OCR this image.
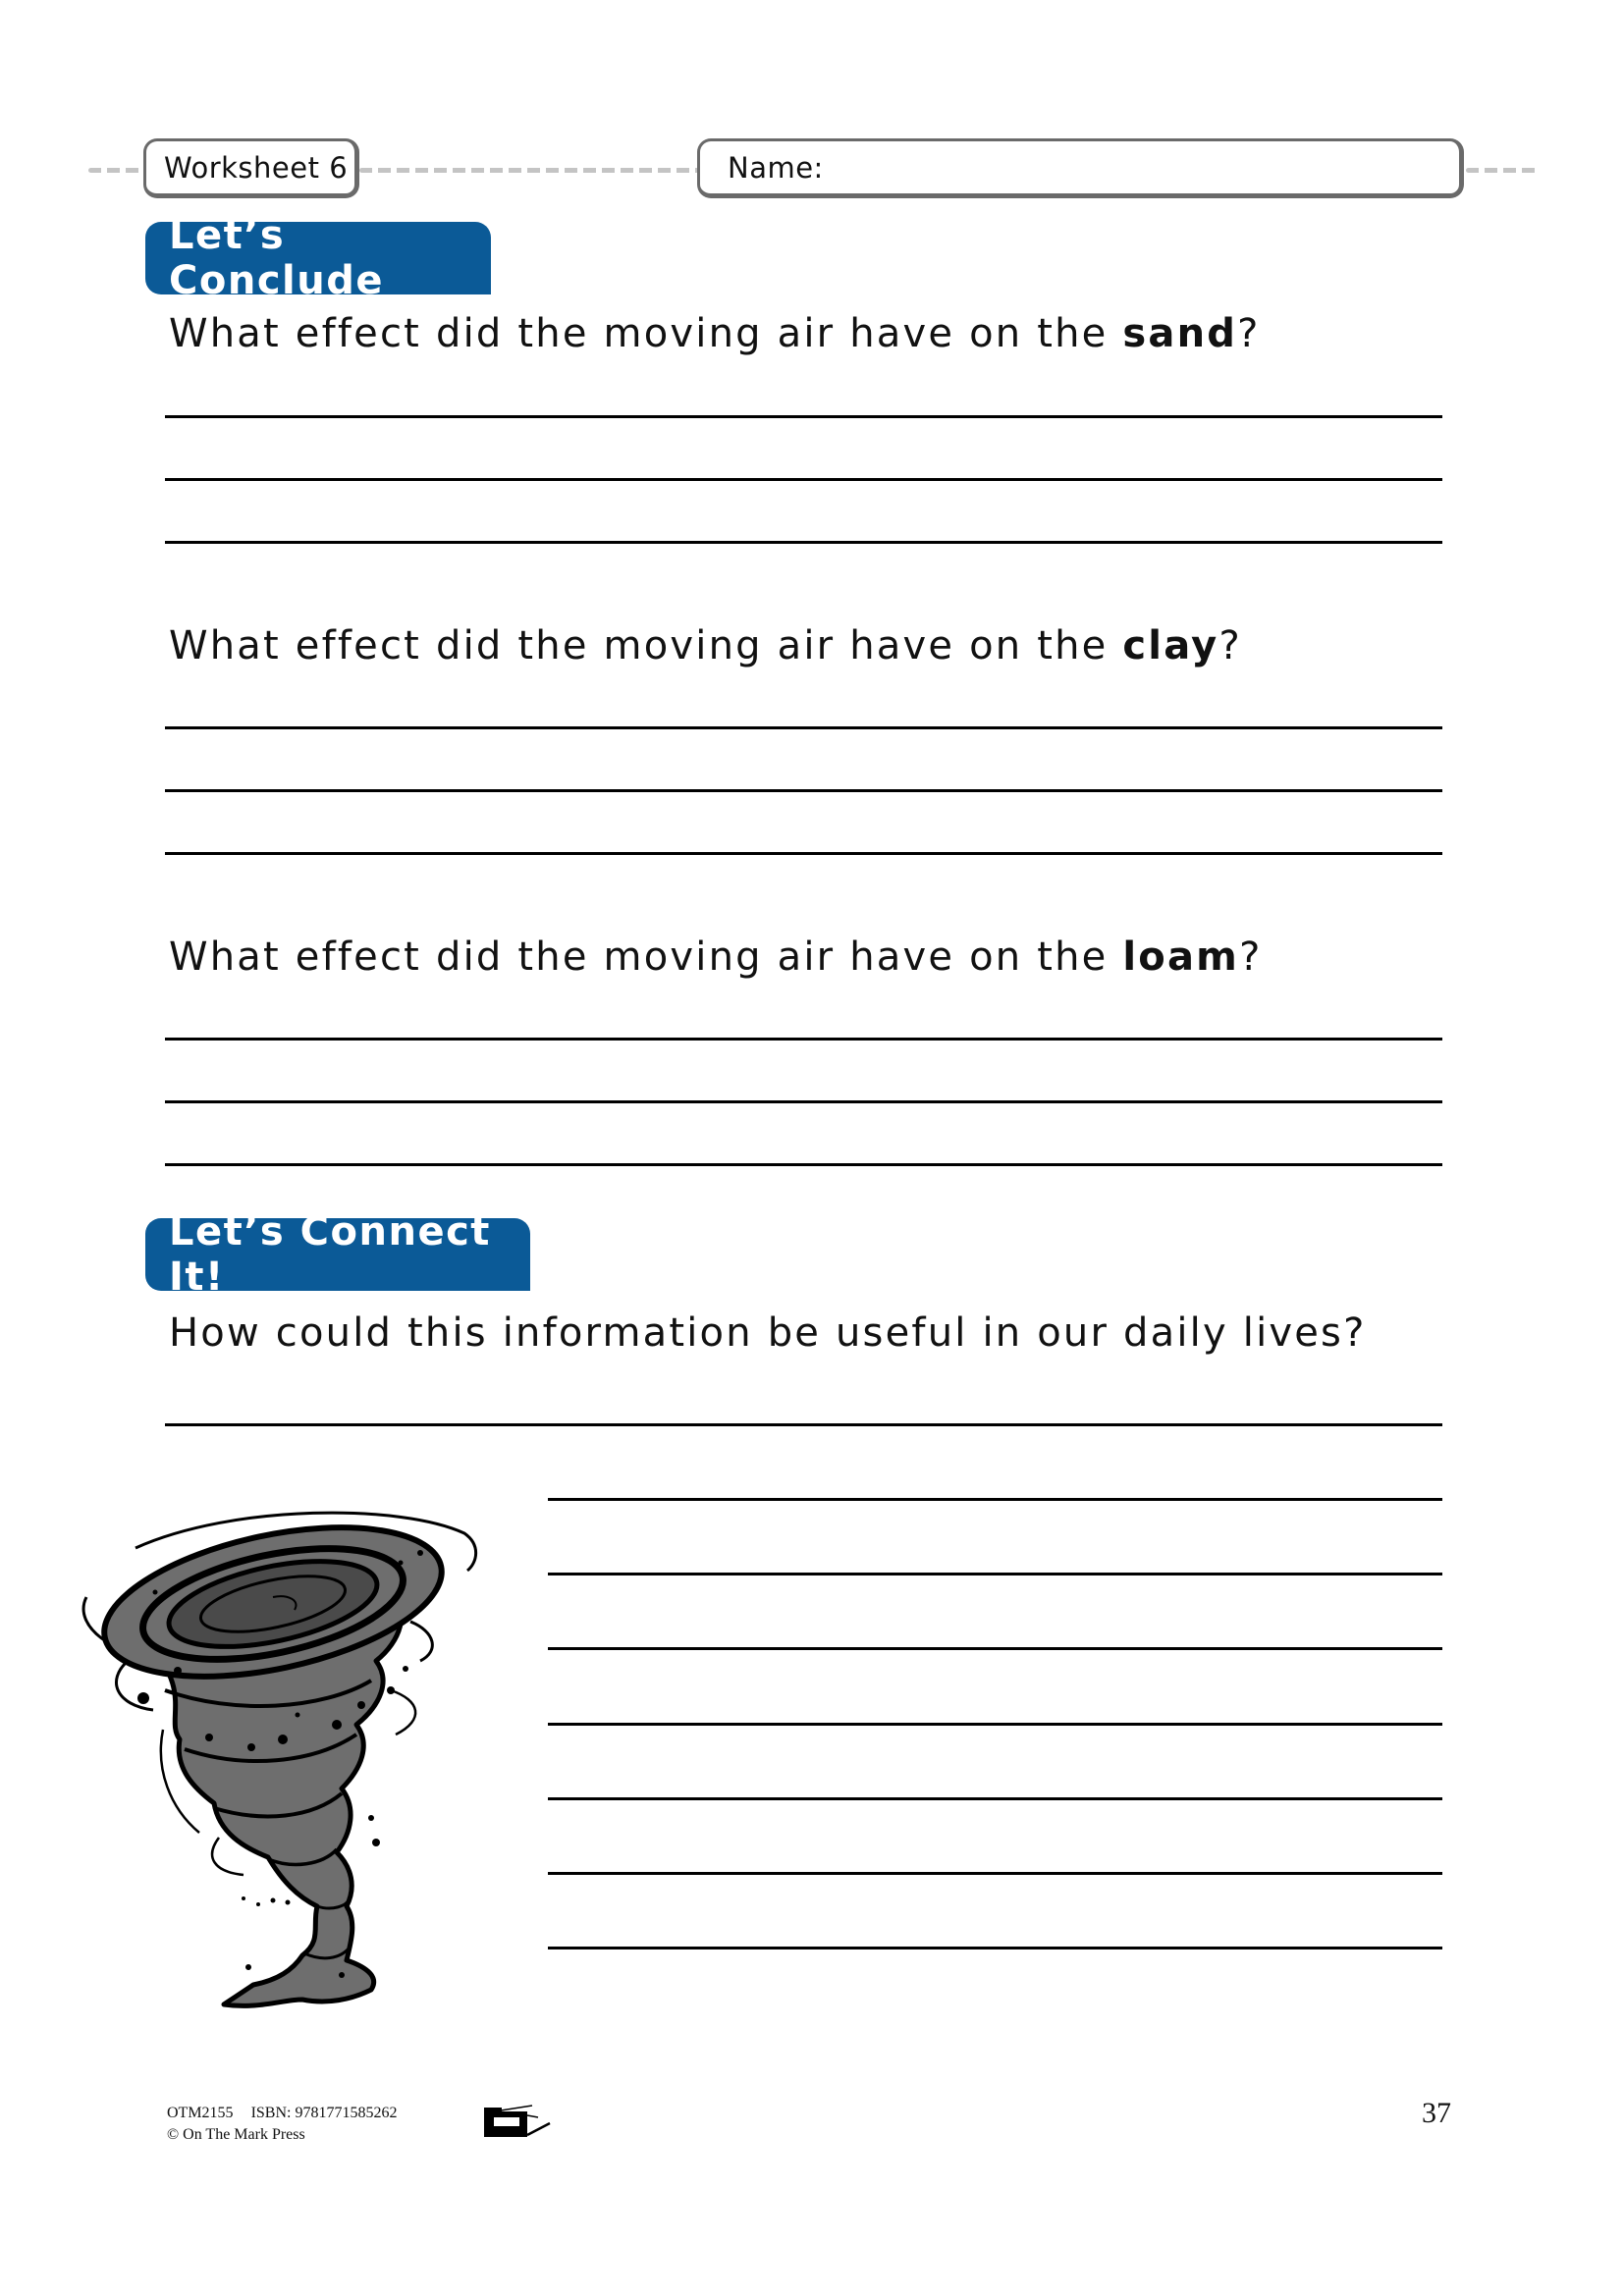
Worksheet 6	Name:
Let’s Conclude
What effect did the moving air have on the sand?
What effect did the moving air have on the clay?
What effect did the moving air have on the loam?
Let’s Connect It!
How could this information be useful in our daily lives?
OTM2155 ISBN: 9781771585262
© On The Mark Press
37
